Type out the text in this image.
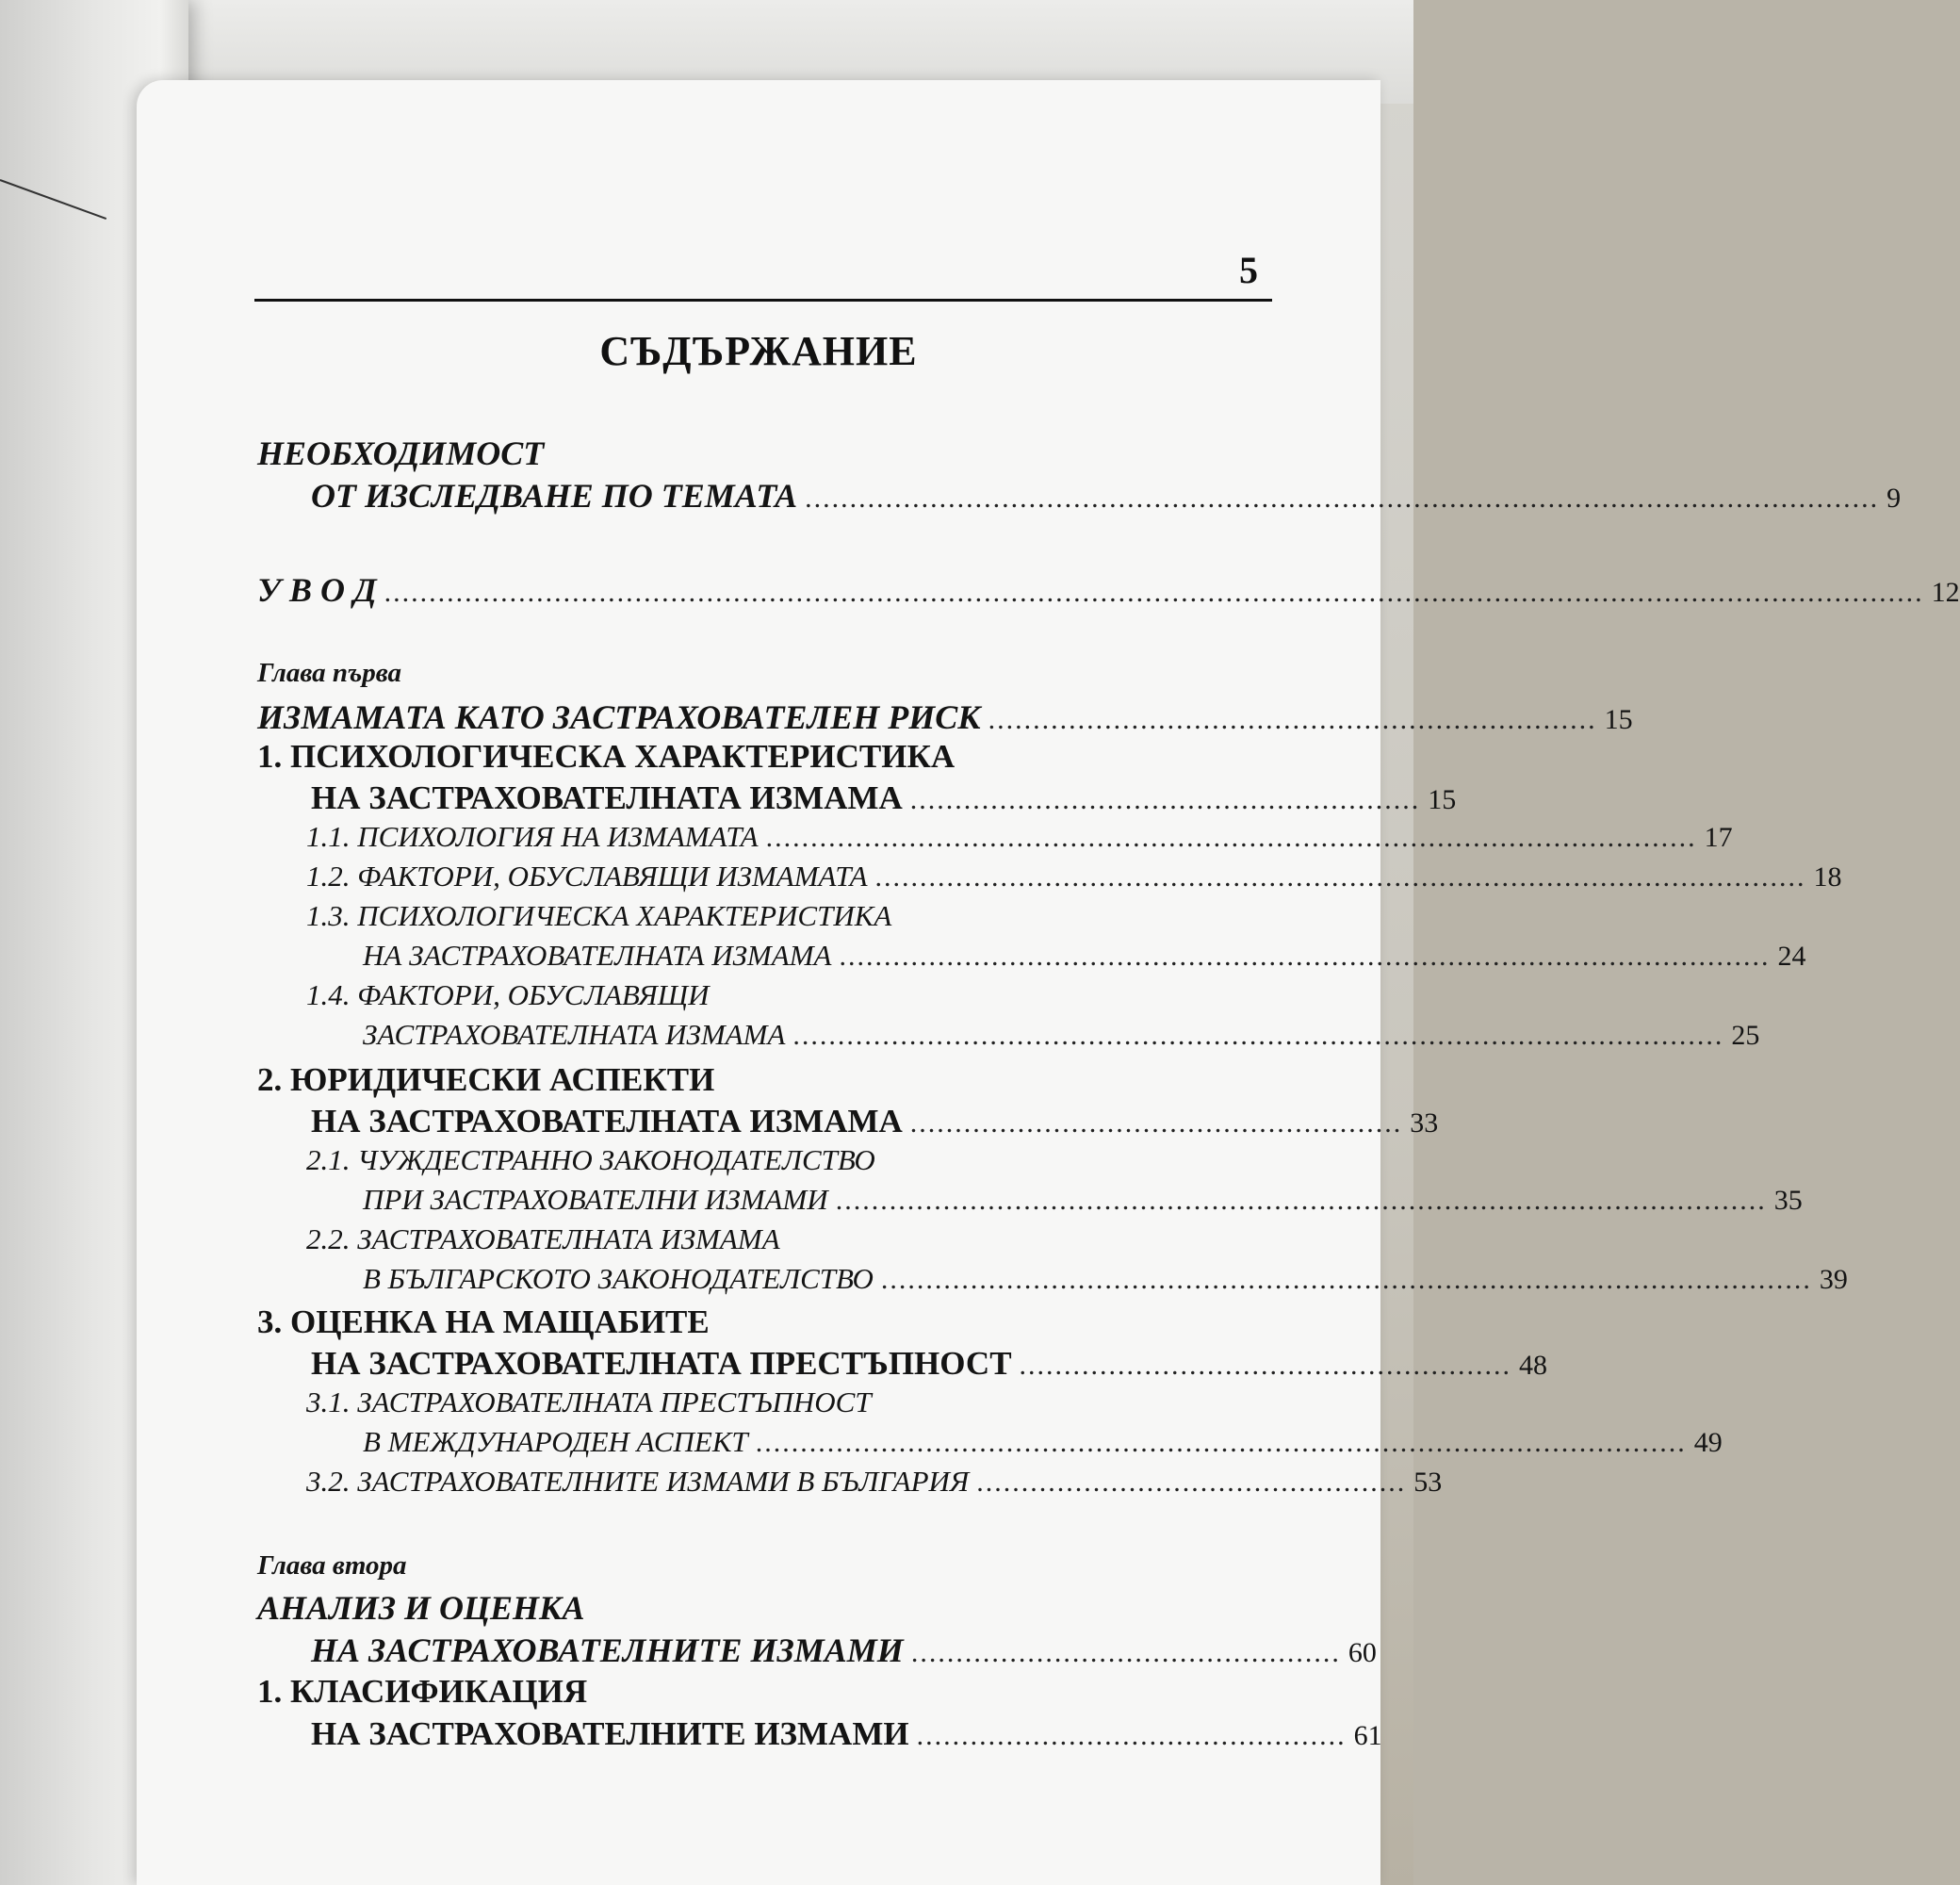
5
СЪДЪРЖАНИЕ
НЕОБХОДИМОСТ
ОТ ИЗСЛЕДВАНЕ ПО ТЕМАТА ........................................................................................................................ 9
У В О Д ............................................................................................................................................................................ 12
Глава първа
ИЗМАМАТА КАТО ЗАСТРАХОВАТЕЛЕН РИСК .................................................................... 15
1. ПСИХОЛОГИЧЕСКА ХАРАКТЕРИСТИКА
НА ЗАСТРАХОВАТЕЛНАТА ИЗМАМА ......................................................... 15
1.1. ПСИХОЛОГИЯ НА ИЗМАМАТА ........................................................................................................ 17
1.2. ФАКТОРИ, ОБУСЛАВЯЩИ ИЗМАМАТА ........................................................................................................ 18
1.3. ПСИХОЛОГИЧЕСКА ХАРАКТЕРИСТИКА
НА ЗАСТРАХОВАТЕЛНАТА ИЗМАМА ........................................................................................................ 24
1.4. ФАКТОРИ, ОБУСЛАВЯЩИ
ЗАСТРАХОВАТЕЛНАТА ИЗМАМА ........................................................................................................ 25
2. ЮРИДИЧЕСКИ АСПЕКТИ
НА ЗАСТРАХОВАТЕЛНАТА ИЗМАМА ....................................................... 33
2.1. ЧУЖДЕСТРАННО ЗАКОНОДАТЕЛСТВО
ПРИ ЗАСТРАХОВАТЕЛНИ ИЗМАМИ ........................................................................................................ 35
2.2. ЗАСТРАХОВАТЕЛНАТА ИЗМАМА
В БЪЛГАРСКОТО ЗАКОНОДАТЕЛСТВО ........................................................................................................ 39
3. ОЦЕНКА НА МАЩАБИТЕ
НА ЗАСТРАХОВАТЕЛНАТА ПРЕСТЪПНОСТ ....................................................... 48
3.1. ЗАСТРАХОВАТЕЛНАТА ПРЕСТЪПНОСТ
В МЕЖДУНАРОДЕН АСПЕКТ ........................................................................................................ 49
3.2. ЗАСТРАХОВАТЕЛНИТЕ ИЗМАМИ В БЪЛГАРИЯ ................................................ 53
Глава втора
АНАЛИЗ И ОЦЕНКА
НА ЗАСТРАХОВАТЕЛНИТЕ ИЗМАМИ ................................................ 60
1. КЛАСИФИКАЦИЯ
НА ЗАСТРАХОВАТЕЛНИТЕ ИЗМАМИ ................................................ 61
